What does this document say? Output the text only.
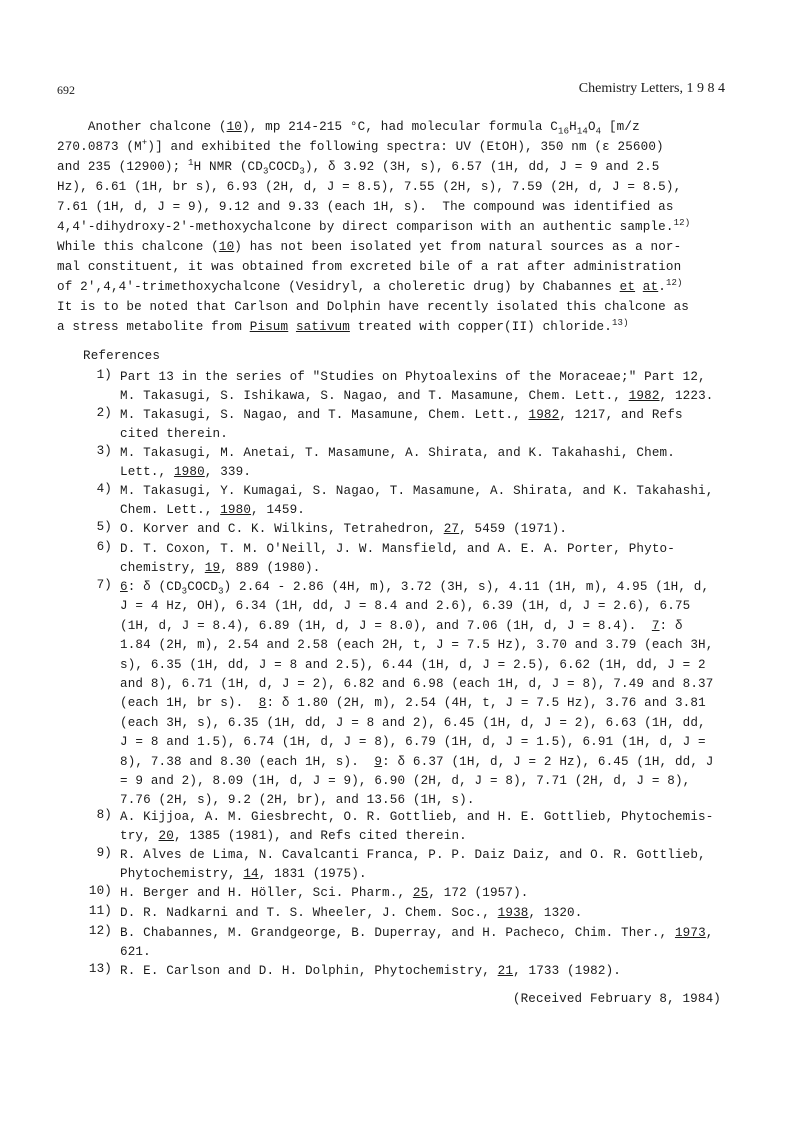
692	Chemistry Letters, 1 9 8 4
Another chalcone (10), mp 214-215 °C, had molecular formula $C_{16}H_{14}O_4$ [m/z
270.0873 (M+)] and exhibited the following spectra: UV (EtOH), 350 nm (ε 25600)
and 235 (12900); $^1$H NMR $(CD_3COCD_3)$, δ 3.92 (3H, s), 6.57 (1H, dd, J = 9 and 2.5
Hz), 6.61 (1H, br s), 6.93 (2H, d, J = 8.5), 7.55 (2H, s), 7.59 (2H, d, J = 8.5),
7.61 (1H, d, J = 9), 9.12 and 9.33 (each 1H, s).  The compound was identified as
4,4'-dihydroxy-2'-methoxychalcone by direct comparison with an authentic sample.$^{12)}$
While this chalcone (10) has not been isolated yet from natural sources as a nor-
mal constituent, it was obtained from excreted bile of a rat after administration
of 2',4,4'-trimethoxychalcone (Vesidryl, a choleretic drug) by Chabannes et at.$^{12)}$
It is to be noted that Carlson and Dolphin have recently isolated this chalcone as
a stress metabolite from Pisum sativum treated with copper(II) chloride.$^{13)}$
References
1) Part 13 in the series of "Studies on Phytoalexins of the Moraceae;" Part 12, M. Takasugi, S. Ishikawa, S. Nagao, and T. Masamune, Chem. Lett., 1982, 1223.
2) M. Takasugi, S. Nagao, and T. Masamune, Chem. Lett., 1982, 1217, and Refs cited therein.
3) M. Takasugi, M. Anetai, T. Masamune, A. Shirata, and K. Takahashi, Chem. Lett., 1980, 339.
4) M. Takasugi, Y. Kumagai, S. Nagao, T. Masamune, A. Shirata, and K. Takahashi, Chem. Lett., 1980, 1459.
5) O. Korver and C. K. Wilkins, Tetrahedron, 27, 5459 (1971).
6) D. T. Coxon, T. M. O'Neill, J. W. Mansfield, and A. E. A. Porter, Phyto- chemistry, 19, 889 (1980).
7) 6: δ $(CD_3COCD_3)$ 2.64 - 2.86 (4H, m), 3.72 (3H, s), 4.11 (1H, m), 4.95 (1H, d, J = 4 Hz, OH), 6.34 (1H, dd, J = 8.4 and 2.6), 6.39 (1H, d, J = 2.6), 6.75 (1H, d, J = 8.4), 6.89 (1H, d, J = 8.0), and 7.06 (1H, d, J = 8.4).  7: δ 1.84 (2H, m), 2.54 and 2.58 (each 2H, t, J = 7.5 Hz), 3.70 and 3.79 (each 3H, s), 6.35 (1H, dd, J = 8 and 2.5), 6.44 (1H, d, J = 2.5), 6.62 (1H, dd, J = 2 and 8), 6.71 (1H, d, J = 2), 6.82 and 6.98 (each 1H, d, J = 8), 7.49 and 8.37 (each 1H, br s).  8: δ 1.80 (2H, m), 2.54 (4H, t, J = 7.5 Hz), 3.76 and 3.81 (each 3H, s), 6.35 (1H, dd, J = 8 and 2), 6.45 (1H, d, J = 2), 6.63 (1H, dd, J = 8 and 1.5), 6.74 (1H, d, J = 8), 6.79 (1H, d, J = 1.5), 6.91 (1H, d, J = 8), 7.38 and 8.30 (each 1H, s).  9: δ 6.37 (1H, d, J = 2 Hz), 6.45 (1H, dd, J = 9 and 2), 8.09 (1H, d, J = 9), 6.90 (2H, d, J = 8), 7.71 (2H, d, J = 8), 7.76 (2H, s), 9.2 (2H, br), and 13.56 (1H, s).
8) A. Kijjoa, A. M. Giesbrecht, O. R. Gottlieb, and H. E. Gottlieb, Phytochemis- try, 20, 1385 (1981), and Refs cited therein.
9) R. Alves de Lima, N. Cavalcanti Franca, P. P. Daiz Daiz, and O. R. Gottlieb, Phytochemistry, 14, 1831 (1975).
10) H. Berger and H. Höller, Sci. Pharm., 25, 172 (1957).
11) D. R. Nadkarni and T. S. Wheeler, J. Chem. Soc., 1938, 1320.
12) B. Chabannes, M. Grandgeorge, B. Duperray, and H. Pacheco, Chim. Ther., 1973, 621.
13) R. E. Carlson and D. H. Dolphin, Phytochemistry, 21, 1733 (1982).
(Received February 8, 1984)
